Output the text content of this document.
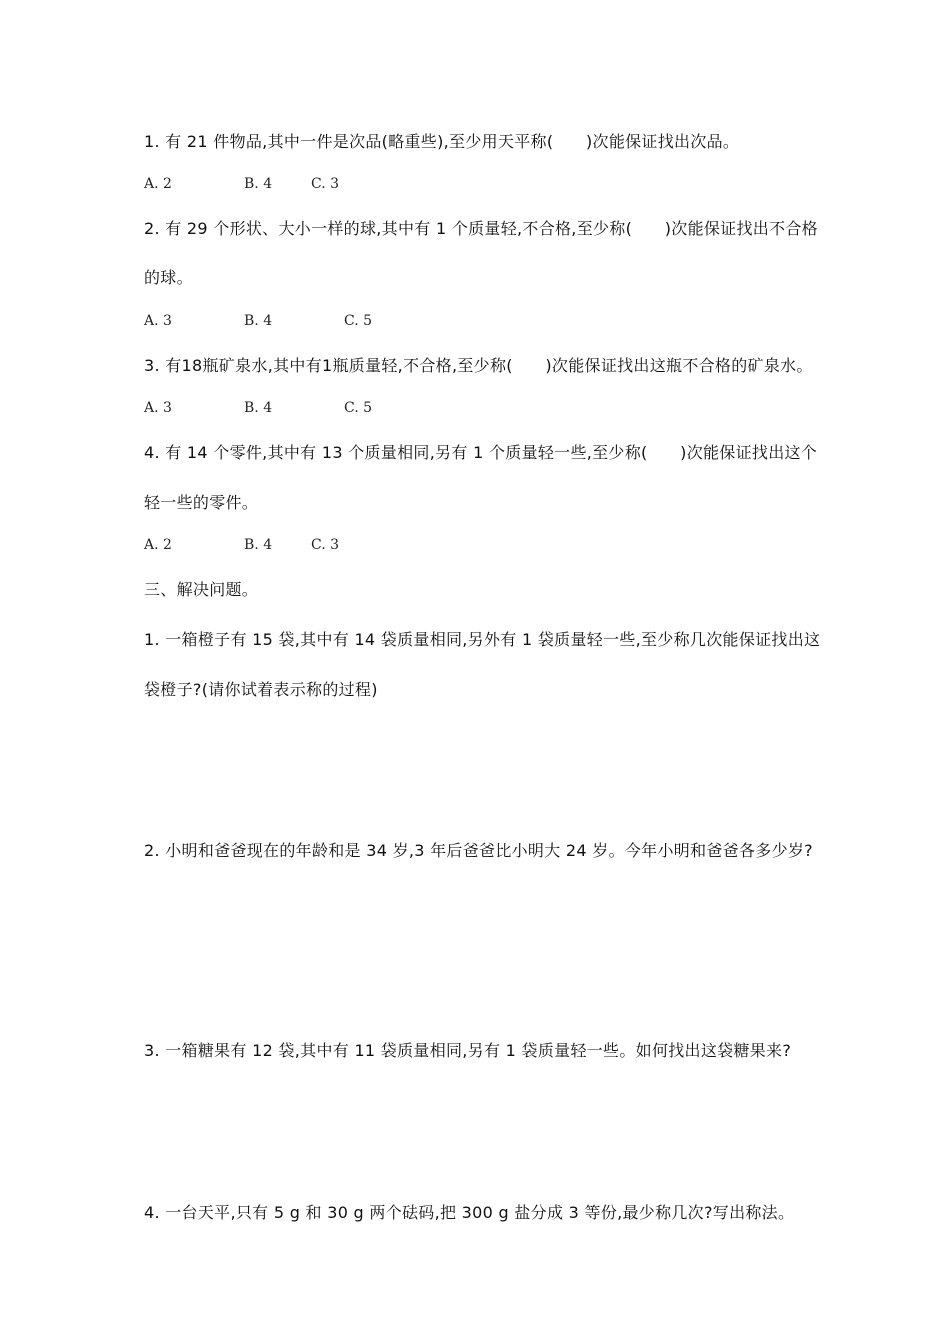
1. 有 21 件物品,其中一件是次品(略重些),至少用天平称(　　)次能保证找出次品。
A. 2	B. 4	C. 3
2. 有 29 个形状、大小一样的球,其中有 1 个质量轻,不合格,至少称(　　)次能保证找出不合格
的球。
A. 3	B. 4	C. 5
3. 有18瓶矿泉水,其中有1瓶质量轻,不合格,至少称(　　)次能保证找出这瓶不合格的矿泉水。
A. 3	B. 4	C. 5
4. 有 14 个零件,其中有 13 个质量相同,另有 1 个质量轻一些,至少称(　　)次能保证找出这个
轻一些的零件。
A. 2	B. 4	C. 3
三、解决问题。
1. 一箱橙子有 15 袋,其中有 14 袋质量相同,另外有 1 袋质量轻一些,至少称几次能保证找出这
袋橙子?(请你试着表示称的过程)
2. 小明和爸爸现在的年龄和是 34 岁,3 年后爸爸比小明大 24 岁。今年小明和爸爸各多少岁?
3. 一箱糖果有 12 袋,其中有 11 袋质量相同,另有 1 袋质量轻一些。如何找出这袋糖果来?
4. 一台天平,只有 5 g 和 30 g 两个砝码,把 300 g 盐分成 3 等份,最少称几次?写出称法。
